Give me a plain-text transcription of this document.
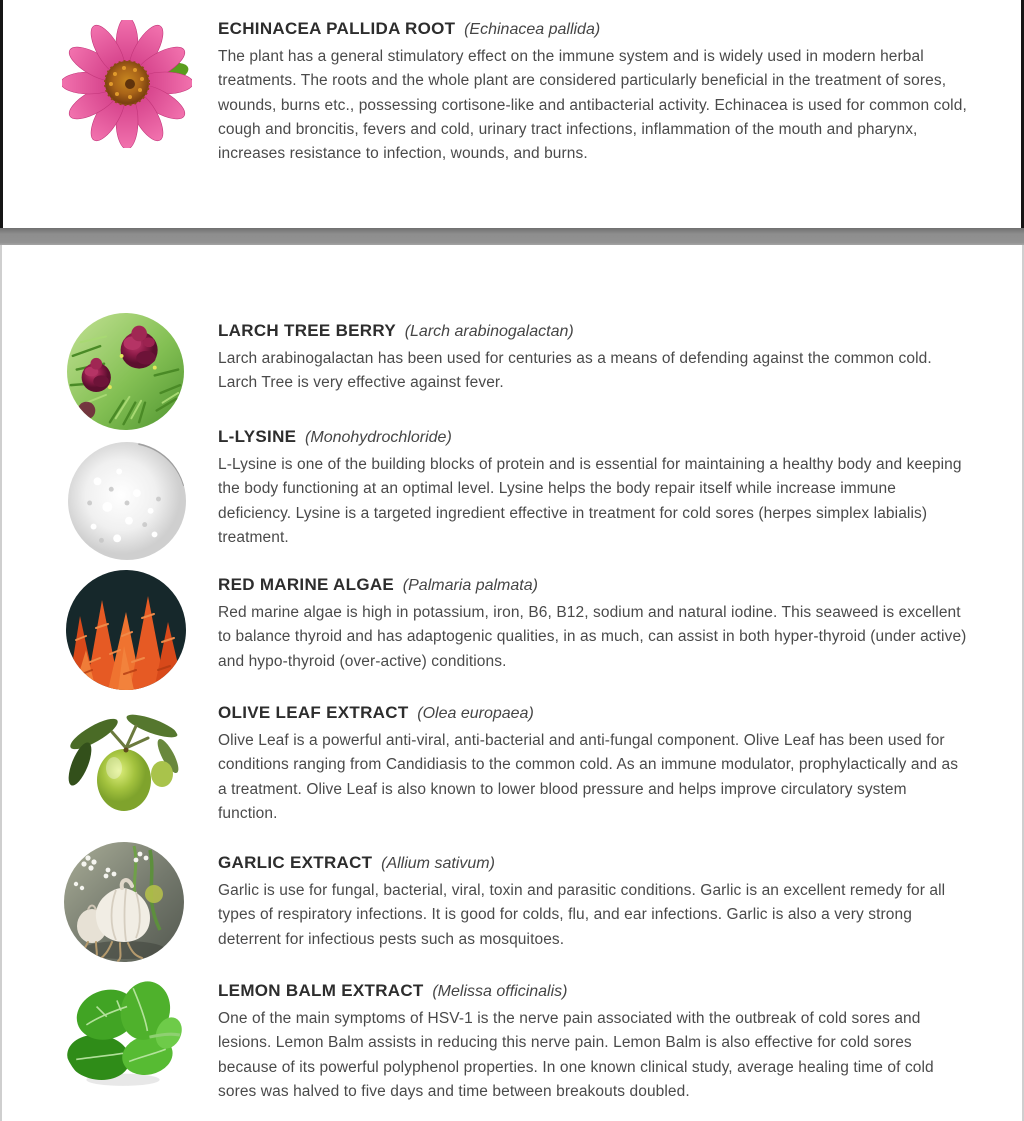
ECHINACEA PALLIDA ROOT (Echinacea pallida)

The plant has a general stimulatory effect on the immune system and is widely used in modern herbal treatments. The roots and the whole plant are considered particularly beneficial in the treatment of sores, wounds, burns etc., possessing cortisone-like and antibacterial activity. Echinacea is used for common cold, cough and broncitis, fevers and cold, urinary tract infections, inflammation of the mouth and pharynx, increases resistance to infection, wounds, and burns.

LARCH TREE BERRY (Larch arabinogalactan)

Larch arabinogalactan has been used for centuries as a means of defending against the common cold. Larch Tree is very effective against fever.

L-LYSINE (Monohydrochloride)

L-Lysine is one of the building blocks of protein and is essential for maintaining a healthy body and keeping the body functioning at an optimal level. Lysine helps the body repair itself while increase immune deficiency. Lysine is a targeted ingredient effective in treatment for cold sores (herpes simplex labialis) treatment.

RED MARINE ALGAE (Palmaria palmata)

Red marine algae is high in potassium, iron, B6, B12, sodium and natural iodine. This seaweed is excellent to balance thyroid and has adaptogenic qualities, in as much, can assist in both hyper-thyroid (under active) and hypo-thyroid (over-active) conditions.

OLIVE LEAF EXTRACT (Olea europaea)

Olive Leaf is a powerful anti-viral, anti-bacterial and anti-fungal component. Olive Leaf has been used for conditions ranging from Candidiasis to the common cold. As an immune modulator, prophylactically and as a treatment. Olive Leaf is also known to lower blood pressure and helps improve circulatory system function.

GARLIC EXTRACT (Allium sativum)

Garlic is use for fungal, bacterial, viral, toxin and parasitic conditions. Garlic is an excellent remedy for all types of respiratory infections. It is good for colds, flu, and ear infections. Garlic is also a very strong deterrent for infectious pests such as mosquitoes.

LEMON BALM EXTRACT (Melissa officinalis)

One of the main symptoms of HSV-1 is the nerve pain associated with the outbreak of cold sores and lesions. Lemon Balm assists in reducing this nerve pain. Lemon Balm is also effective for cold sores because of its powerful polyphenol properties. In one known clinical study, average healing time of cold sores was halved to five days and time between breakouts doubled.
